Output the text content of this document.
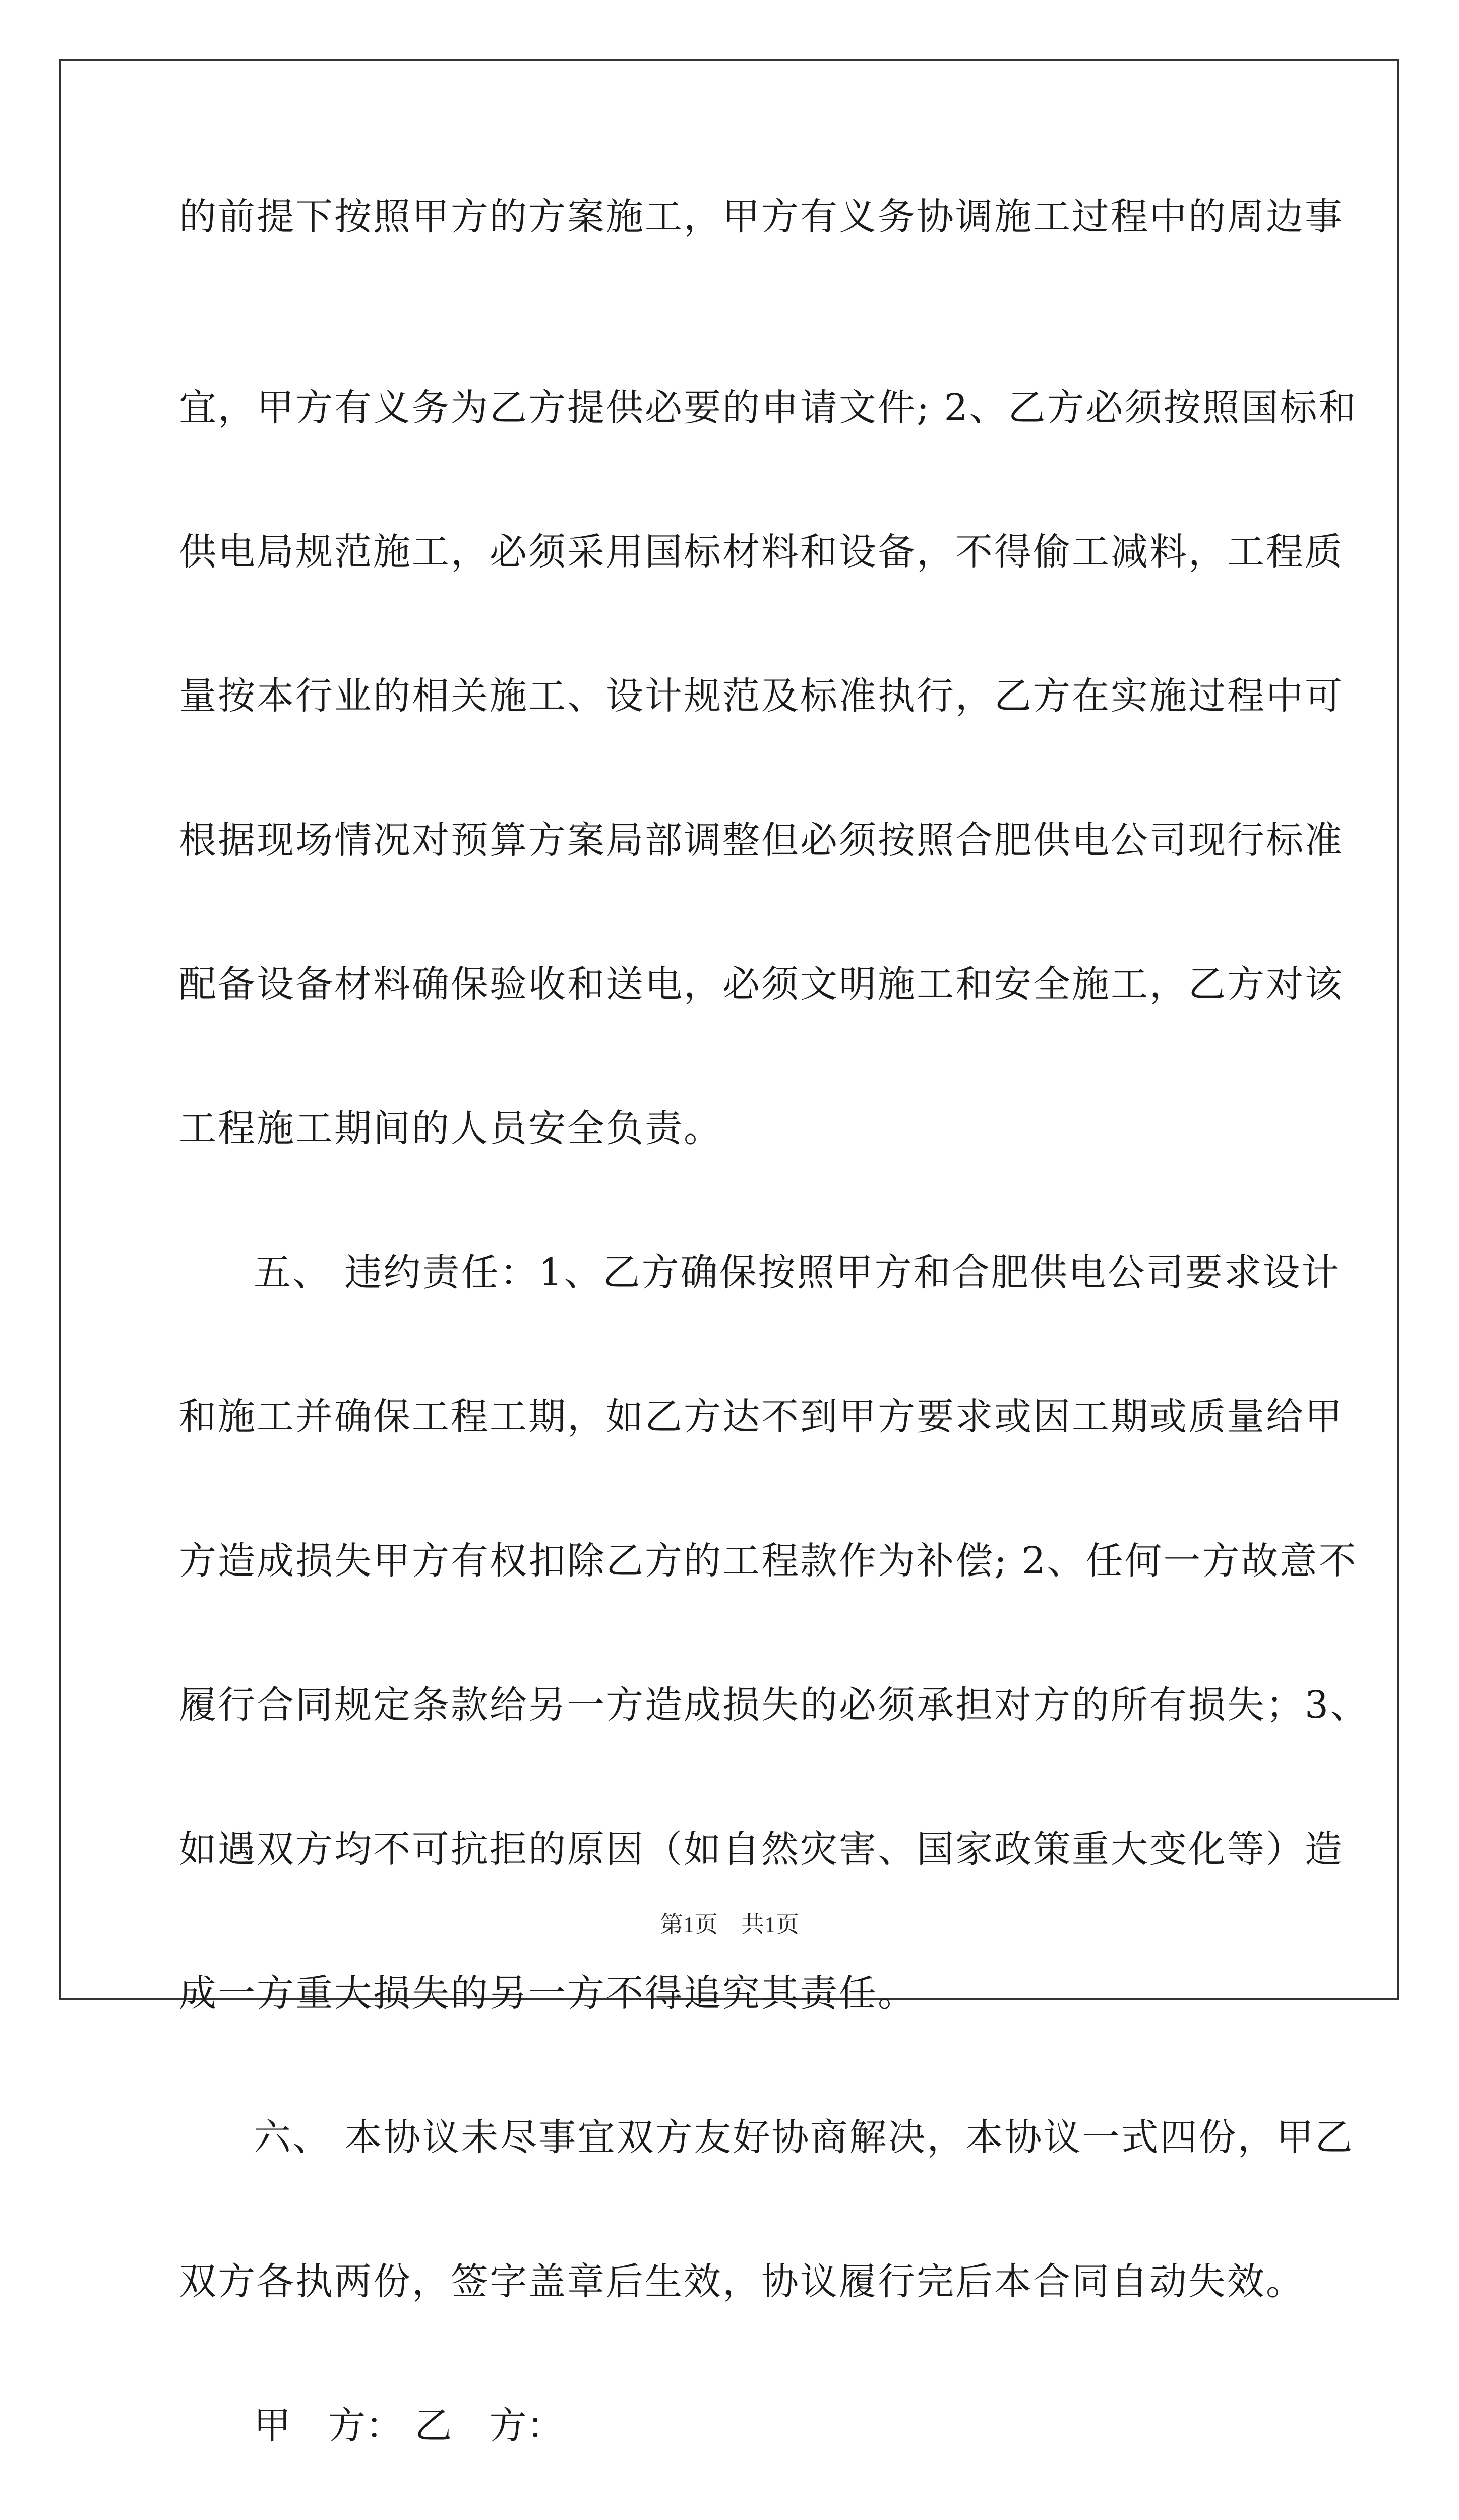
的前提下按照甲方的方案施工，甲方有义务协调施工过程中的周边事
宜，甲方有义务为乙方提供必要的申请文件; 2、乙方必须按照国标和
供电局规范施工，必须采用国标材料和设备，不得偷工减料，工程质
量按本行业的相关施工、设计规范及标准执行，乙方在实施过程中可
根据现场情况对预算方案局部调整但必须按照合肥供电公司现行标准
配备设备材料确保验收和送电，必须文明施工和安全施工，乙方对该
工程施工期间的人员安全负责。
五、 违约责任：1、乙方确保按照甲方和合肥供电公司要求设计
和施工并确保工程工期，如乙方达不到甲方要求或因工期或质量给甲
方造成损失甲方有权扣除乙方的工程款作为补偿; 2、任何一方故意不
履行合同规定条款给另一方造成损失的必须承担对方的所有损失；3、
如遇双方均不可抗拒的原因（如自然灾害、国家政策重大变化等）造
成一方重大损失的另一方不得追究其责任。
六、 本协议未尽事宜双方友好协商解决，本协议一式四份，甲乙
双方各执两份，签字盖章后生效，协议履行完后本合同自动失效。
甲　方： 乙　方：

第1页　共1页
